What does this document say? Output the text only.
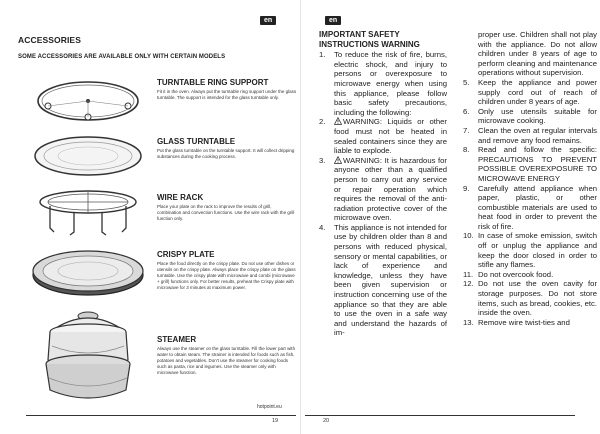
en
ACCESSORIES
SOME ACCESSORIES ARE AVAILABLE ONLY WITH CERTAIN MODELS
TURNTABLE RING SUPPORT

Fit it in the oven. Always put the turntable ring support under the glass turntable. The support is intended for the glass turntable only.

GLASS TURNTABLE

Put the glass turntable on the turntable support. It will collect dripping substances during the cooking process.

WIRE RACK

Place your plate on the rack to improve the results of grill, combination and convection functions. Use the wire rack with the grill function only.

CRISPY PLATE

Place the food directly on the crispy plate. Do not use other dishes or utensils on the crispy plate. Always place the crispy plate on the glass turntable. Use the crispy plate with microwave and combi (microwave + grill) functions only. For better results, preheat the Crispy plate with microwave for 3 minutes at maximum power.

STEAMER

Always use the steamer on the glass turntable. Fill the lower part with water to obtain steam. The strainer is intended for foods such as fish, potatoes and vegetables. Don't use the steamer for cooking foods such as pasta, rice and legumes. Use the steamer only with microwave function.

hotpoint.eu
19
en
IMPORTANT SAFETY INSTRUCTIONS WARNING
1.	To reduce the risk of fire, burns, electric shock, and injury to persons or overexposure to microwave energy when using this appliance, please follow basic safety precautions, including the following:
2.	WARNING: Liquids or other food must not be heated in sealed containers since they are liable to explode.
3.	WARNING: It is hazardous for anyone other than a qualified person to carry out any service or repair operation which requires the removal of the anti-radiation protective cover of the microwave oven.
4.	This appliance is not intended for use by children older than 8 and persons with reduced physical, sensory or mental capabilities, or lack of experience and knowledge, unless they have been given supervision or instruction concerning use of the appliance so that they are able to use the oven in a safe way and understand the hazards of im-
proper use. Children shall not play with the appliance. Do not allow children under 8 years of age to perform cleaning and maintenance operations without supervision.
5.	Keep the appliance and power supply cord out of reach of children under 8 years of age.
6.	Only use utensils suitable for microwave cooking.
7.	Clean the oven at regular intervals and remove any food remains.
8.	Read and follow the specific: PRECAUTIONS TO PREVENT POSSIBLE OVEREXPOSURE TO MICROWAVE ENERGY
9.	Carefully attend appliance when paper, plastic, or other combustible materials are used to heat food in order to prevent the risk of fire.
10. In case of smoke emission, switch off or unplug the appliance and keep the door closed in order to stifle any flames.
11. Do not overcook food.
12. Do not use the oven cavity for storage purposes. Do not store items, such as bread, cookies, etc. inside the oven.
13. Remove wire twist-ties and
20
